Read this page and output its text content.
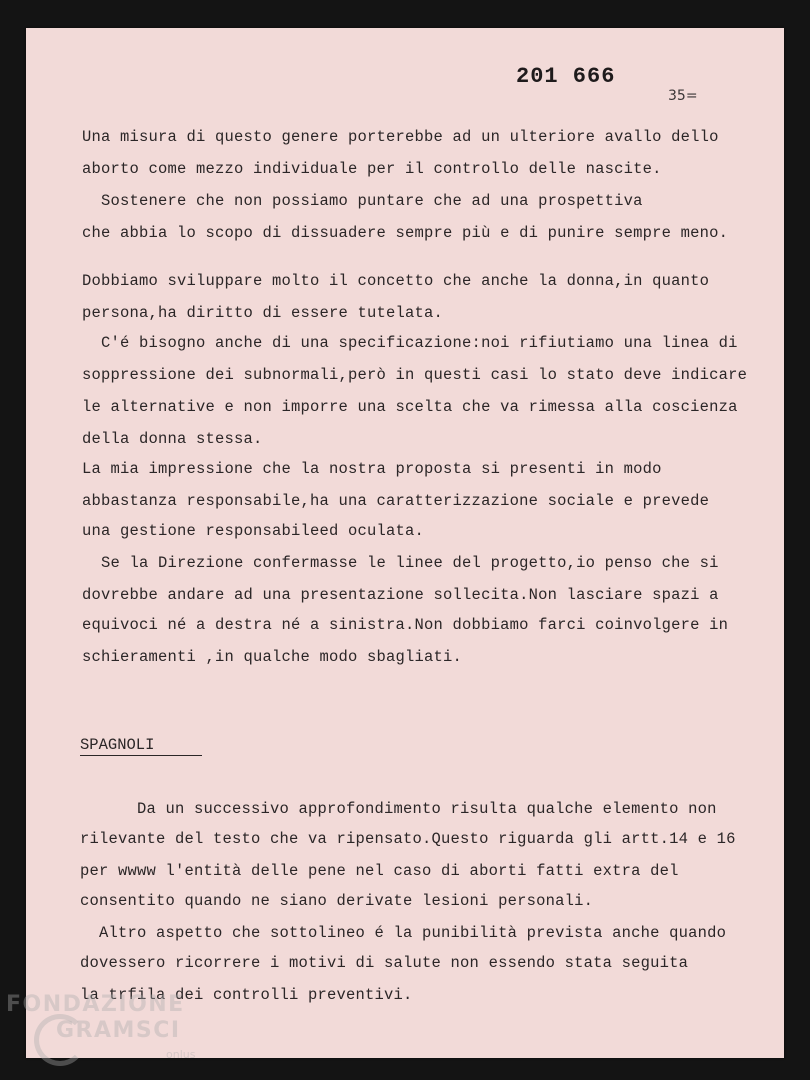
201 666
35=
Una misura di questo genere porterebbe ad un ulteriore avallo dello
aborto come mezzo individuale per il controllo delle nascite.
Sostenere che non possiamo puntare che ad una prospettiva
che abbia lo scopo di dissuadere sempre più e di punire sempre meno.
Dobbiamo sviluppare molto il concetto che anche la donna,in quanto
persona,ha diritto di essere tutelata.
C'é bisogno anche di una specificazione:noi rifiutiamo una linea di
soppressione dei subnormali,però in questi casi lo stato deve indicare
le alternative e non imporre una scelta che va rimessa alla coscienza
della donna stessa.
La mia impressione che la nostra proposta si presenti in modo
abbastanza responsabile,ha una caratterizzazione sociale e prevede
una gestione responsabileed oculata.
Se la Direzione confermasse le linee del progetto,io penso che si
dovrebbe andare ad una presentazione sollecita.Non lasciare spazi a
equivoci né a destra né a sinistra.Non dobbiamo farci coinvolgere in
schieramenti ,in qualche modo sbagliati.
SPAGNOLI
Da un successivo approfondimento risulta qualche elemento non
rilevante del testo che va ripensato.Questo riguarda gli artt.14 e 16
per wwww l'entità delle pene nel caso di aborti fatti extra del
consentito quando ne siano derivate lesioni personali.
Altro aspetto che sottolineo é la punibilità prevista anche quando
dovessero ricorrere i motivi di salute non essendo stata seguita
la trfila dei controlli preventivi.
FONDAZIONE
GRAMSCI
onlus
